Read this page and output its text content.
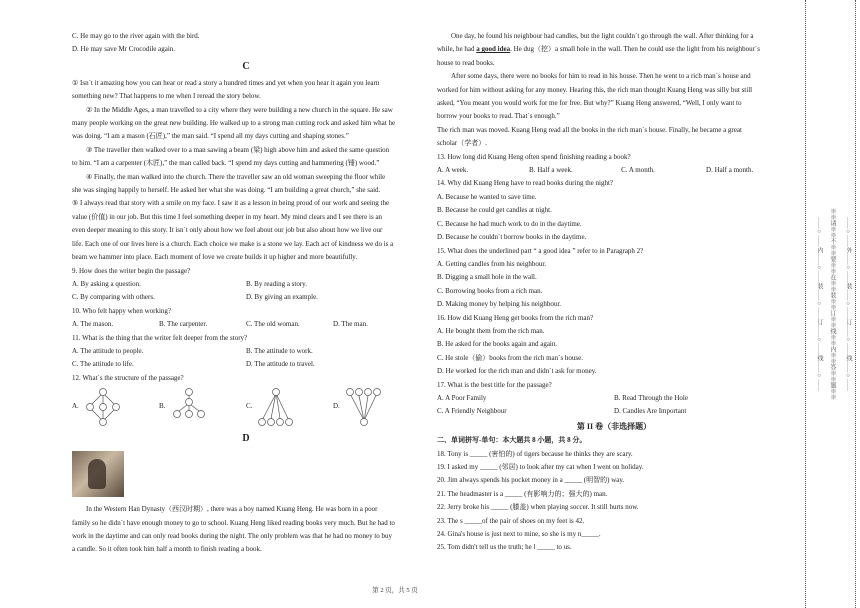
C. He may go to the river again with the bird.
D. He may save Mr Crocodile again.
C
① Isn`t it amazing how you can hear or read a story a hundred times and yet when you hear it again you learn
something new? That happens to me when I reread the story below.
② In the Middle Ages, a man travelled to a city where they were building a new church in the square. He saw
many people working on the great new building. He walked up to a strong man cutting rock and asked him what he
was doing. “I am a mason (石匠),” the man said. “I spend all my days cutting and shaping stones.”
③ The traveller then walked over to a man sawing a beam (梁) high above him and asked the same question
to him. “I am a carpenter (木匠),” the man called back. “I spend my days cutting and hammering (锤) wood.”
④ Finally, the man walked into the church. There the traveller saw an old woman sweeping the floor while
she was singing happily to herself. He asked her what she was doing. “I am building a great church,” she said.
⑤ I always read that story with a smile on my face. I saw it as a lesson in being proud of our work and seeing the
value (价值) in our job. But this time I feel something deeper in my heart. My mind clears and I see there is an
even deeper meaning to this story. It isn`t only about how we feel about our job but also about how we live our
life. Each one of our lives here is a church. Each choice we make is a stone we lay. Each act of kindness we do is a
beam we hammer into place. Each moment of love we create builds it up higher and more beautifully.
9. How does the writer begin the passage?
A. By asking a question.	B. By reading a story.
C. By comparing with others.	D. By giving an example.
10. Who felt happy when working?
A. The mason.	B. The carpenter.	C. The old woman.	D. The man.
11. What is the thing that the writer felt deeper from the story?
A. The attitude to people.	B. The attitude to work.
C. The attitude to life.	D. The attitude to travel.
12. What`s the structure of the passage?
A.	B.	C.	D.
D
In the Western Han Dynasty（西汉时期）, there was a boy named Kuang Heng. He was born in a poor
family so he didn`t have enough money to go to school. Kuang Heng liked reading books very much. But he had to
work in the daytime and can only read books during the night. The only problem was that he had no money to buy
a candle. So it often took him half a month to finish reading a book.
One day, he found his neighbour had candles, but the light couldn`t go through the wall. After thinking for a
while, he had a good idea. He dug（挖）a small hole in the wall. Then he could use the light from his neighbour`s
house to read books.
After some days, there were no books for him to read in his house. Then he went to a rich man`s house and
worked for him without asking for any money. Hearing this, the rich man thought Kuang Heng was silly but still
asked, “You meant you would work for me for free. But why?” Kuang Heng answered, “Well, I only want to
borrow your books to read. That`s enough.”
The rich man was moved. Kuang Heng read all the books in the rich man`s house. Finally, he became a great
scholar（学者）.
13. How long did Kuang Heng often spend finishing reading a book?
A. A week.	B. Half a week.	C. A month.	D. Half a month.
14. Why did Kuang Heng have to read books during the night?
A. Because he wanted to save time.
B. Because he could get candles at night.
C. Because he had much work to do in the daytime.
D. Because he couldn`t borrow books in the daytime.
15. What does the underlined part “ a good idea ” refer to in Paragraph 2?
A. Getting candles from his neighbour.
B. Digging a small hole in the wall.
C. Borrowing books from a rich man.
D. Making money by helping his neighbour.
16. How did Kuang Heng get books from the rich man?
A. He bought them from the rich man.
B. He asked for the books again and again.
C. He stole（偷）books from the rich man`s house.
D. He worked for the rich man and didn`t ask for money.
17. What is the best title for the passage?
A. A Poor Family	B. Read Through the Hole
C. A Friendly Neighbour	D. Candles Are Important
第 II 卷（非选择题）
二、单词拼写-单句：本大题共 8 小题，共 8 分。
18. Tony is _____ (害怕的) of tigers because he thinks they are scary.
19. I asked my _____ (邻居) to look after my cat when I went on holiday.
20. Jim always spends his pocket money in a _____ (明智的) way.
21. The headmaster is a _____ (有影响力的；强大的) man.
22. Jerry broke his _____ (膝盖) when playing soccer. It still hurts now.
23. The s _____of the pair of shoes on my feet is 42.
24. Gina's house is just next to mine, so she is my n_____.
25. Tom didn't tell us the truth; he l _____ to us.
第 2 页，共 5 页
……○……内……○……装……○……订……○……线……○……	※※请※※不※※要※※在※※装※※订※※线※※内※※答※※题※※	……○……外……○……装……○……订……○……线……○……
